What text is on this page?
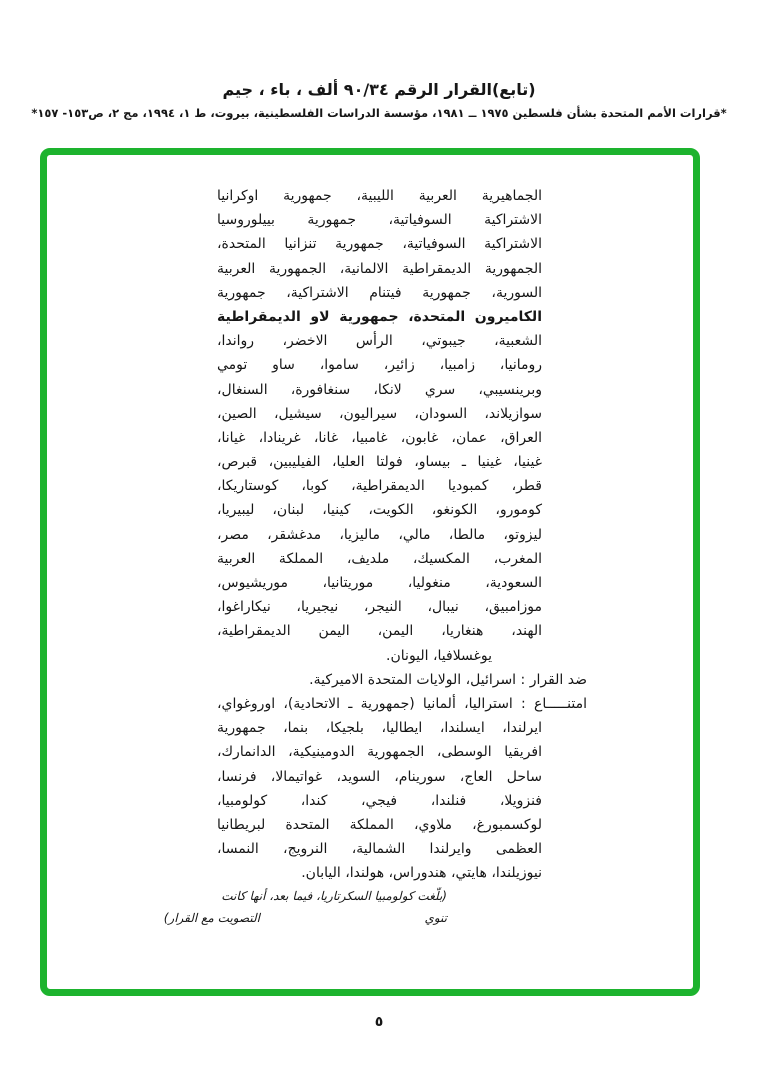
(تابع)القرار الرقم ٩٠/٣٤ ألف ، باء ، جيم
*قرارات الأمم المتحدة بشأن فلسطين ١٩٧٥ ــ ١٩٨١، مؤسسة الدراسات الفلسطينية، بيروت، ط ١، ١٩٩٤، مج ٢، ص١٥٣- ١٥٧*
الجماهيرية العربية الليبية، جمهورية اوكرانيا
الاشتراكية السوفياتية، جمهورية بييلوروسيا
الاشتراكية السوفياتية، جمهورية تنزانيا المتحدة،
الجمهورية الديمقراطية الالمانية، الجمهورية العربية
السورية، جمهورية فيتنام الاشتراكية، جمهورية
الكاميرون المتحدة، جمهورية لاو الديمقراطية
الشعبية، جيبوتي، الرأس الاخضر، رواندا،
رومانيا، زامبيا، زائير، ساموا، ساو تومي
وبرينسيبي، سري لانكا، سنغافورة، السنغال،
سوازيلاند، السودان، سيراليون، سيشيل، الصين،
العراق، عمان، غابون، غامبيا، غانا، غرينادا، غيانا،
غينيا، غينيا ـ بيساو، فولتا العليا، الفيليبين، قبرص،
قطر، كمبوديا الديمقراطية، كوبا، كوستاريكا،
كومورو، الكونغو، الكويت، كينيا، لبنان، ليبيريا،
ليزوتو، مالطا، مالي، ماليزيا، مدغشقر، مصر،
المغرب، المكسيك، ملديف، المملكة العربية
السعودية، منغوليا، موريتانيا، موريشيوس،
موزامبيق، نيبال، النيجر، نيجيريا، نيكاراغوا،
الهند، هنغاريا، اليمن، اليمن الديمقراطية،
يوغسلافيا، اليونان.
ضد القرار : اسرائيل، الولايات المتحدة الاميركية.
امتنـــــاع : استراليا، ألمانيا (جمهورية ـ الاتحادية)، اوروغواي،
ايرلندا، ايسلندا، ايطاليا، بلجيكا، بنما، جمهورية
افريقيا الوسطى، الجمهورية الدومينيكية، الدانمارك،
ساحل العاج، سورينام، السويد، غواتيمالا، فرنسا،
فنزويلا، فنلندا، فيجي، كندا، كولومبيا،
لوكسمبورغ، ملاوي، المملكة المتحدة لبريطانيا
العظمى وايرلندا الشمالية، النرويج، النمسا،
نيوزيلندا، هايتي، هندوراس، هولندا، اليابان.
(بلّغت كولومبيا السكرتاريا، فيما بعد، أنها كانت تنوي
التصويت مع القرار)
٥
